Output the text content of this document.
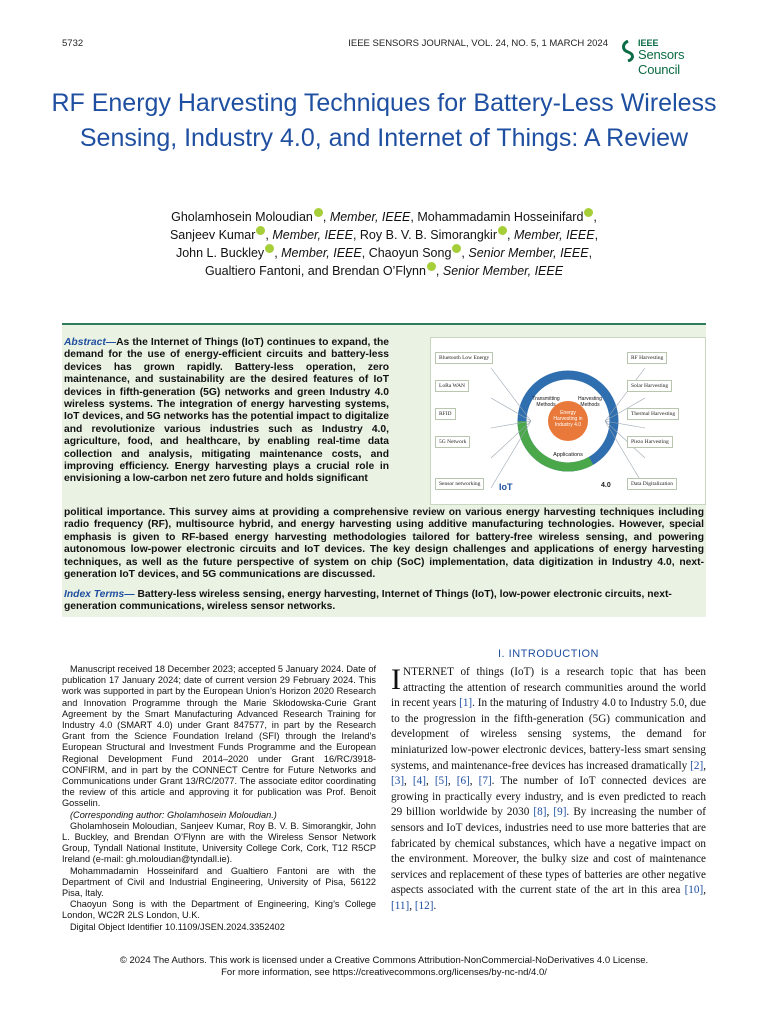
5732	IEEE SENSORS JOURNAL, VOL. 24, NO. 5, 1 MARCH 2024	IEEE
Sensors Council
RF Energy Harvesting Techniques for Battery-Less Wireless Sensing, Industry 4.0, and Internet of Things: A Review
Gholamhosein Moloudian , Member, IEEE, Mohammadamin Hosseinifard ,
Sanjeev Kumar , Member, IEEE, Roy B. V. B. Simorangkir , Member, IEEE,
John L. Buckley , Member, IEEE, Chaoyun Song , Senior Member, IEEE,
Gualtiero Fantoni, and Brendan O’Flynn , Senior Member, IEEE
Abstract—As the Internet of Things (IoT) continues to expand, the demand for the use of energy-efficient circuits and battery-less devices has grown rapidly. Battery-less operation, zero maintenance, and sustainability are the desired features of IoT devices in fifth-generation (5G) networks and green Industry 4.0 wireless systems. The integration of energy harvesting systems, IoT devices, and 5G networks has the potential impact to digitalize and revolutionize various industries such as Industry 4.0, agriculture, food, and healthcare, by enabling real-time data collection and analysis, mitigating maintenance costs, and improving efficiency. Energy harvesting plays a crucial role in envisioning a low-carbon net zero future and holds significant
Bluetooth Low Energy
LoRa WAN
RFID
5G Network
Sensor networking
RF Harvesting
Solar Harvesting
Thermal Harvesting
Piezo Harvesting
Data Digitalization
Transmitting Methods
Harvesting Methods
Applications
Energy Harvesting in Industry 4.0
IoT	4.0
political importance. This survey aims at providing a comprehensive review on various energy harvesting techniques including radio frequency (RF), multisource hybrid, and energy harvesting using additive manufacturing technologies. However, special emphasis is given to RF-based energy harvesting methodologies tailored for battery-free wireless sensing, and powering autonomous low-power electronic circuits and IoT devices. The key design challenges and applications of energy harvesting techniques, as well as the future perspective of system on chip (SoC) implementation, data digitization in Industry 4.0, next-generation IoT devices, and 5G communications are discussed.
Index Terms— Battery-less wireless sensing, energy harvesting, Internet of Things (IoT), low-power electronic circuits, next-generation communications, wireless sensor networks.

Manuscript received 18 December 2023; accepted 5 January 2024. Date of publication 17 January 2024; date of current version 29 February 2024. This work was supported in part by the European Union’s Horizon 2020 Research and Innovation Programme through the Marie Skłodowska-Curie Grant Agreement by the Smart Manufacturing Advanced Research Training for Industry 4.0 (SMART 4.0) under Grant 847577, in part by the Research Grant from the Science Foundation Ireland (SFI) through the Ireland’s European Structural and Investment Funds Programme and the European Regional Development Fund 2014–2020 under Grant 16/RC/3918-CONFIRM, and in part by the CONNECT Centre for Future Networks and Communications under Grant 13/RC/2077. The associate editor coordinating the review of this article and approving it for publication was Prof. Benoit Gosselin.

(Corresponding author: Gholamhosein Moloudian.)

Gholamhosein Moloudian, Sanjeev Kumar, Roy B. V. B. Simorangkir, John L. Buckley, and Brendan O’Flynn are with the Wireless Sensor Network Group, Tyndall National Institute, University College Cork, Cork, T12 R5CP Ireland (e-mail: gh.moloudian@tyndall.ie).

Mohammadamin Hosseinifard and Gualtiero Fantoni are with the Department of Civil and Industrial Engineering, University of Pisa, 56122 Pisa, Italy.

Chaoyun Song is with the Department of Engineering, King’s College London, WC2R 2LS London, U.K.

Digital Object Identifier 10.1109/JSEN.2024.3352402

I. INTRODUCTION
INTERNET of things (IoT) is a research topic that has been attracting the attention of research communities around the world in recent years [1]. In the maturing of Industry 4.0 to Industry 5.0, due to the progression in the fifth-generation (5G) communication and development of wireless sensing systems, the demand for miniaturized low-power electronic devices, battery-less smart sensing systems, and maintenance-free devices has increased dramatically [2], [3], [4], [5], [6], [7]. The number of IoT connected devices are growing in practically every industry, and is even predicted to reach 29 billion worldwide by 2030 [8], [9]. By increasing the number of sensors and IoT devices, industries need to use more batteries that are fabricated by chemical substances, which have a negative impact on the environment. Moreover, the bulky size and cost of maintenance services and replacement of these types of batteries are other negative aspects associated with the current state of the art in this area [10], [11], [12].
© 2024 The Authors. This work is licensed under a Creative Commons Attribution-NonCommercial-NoDerivatives 4.0 License.
For more information, see https://creativecommons.org/licenses/by-nc-nd/4.0/
